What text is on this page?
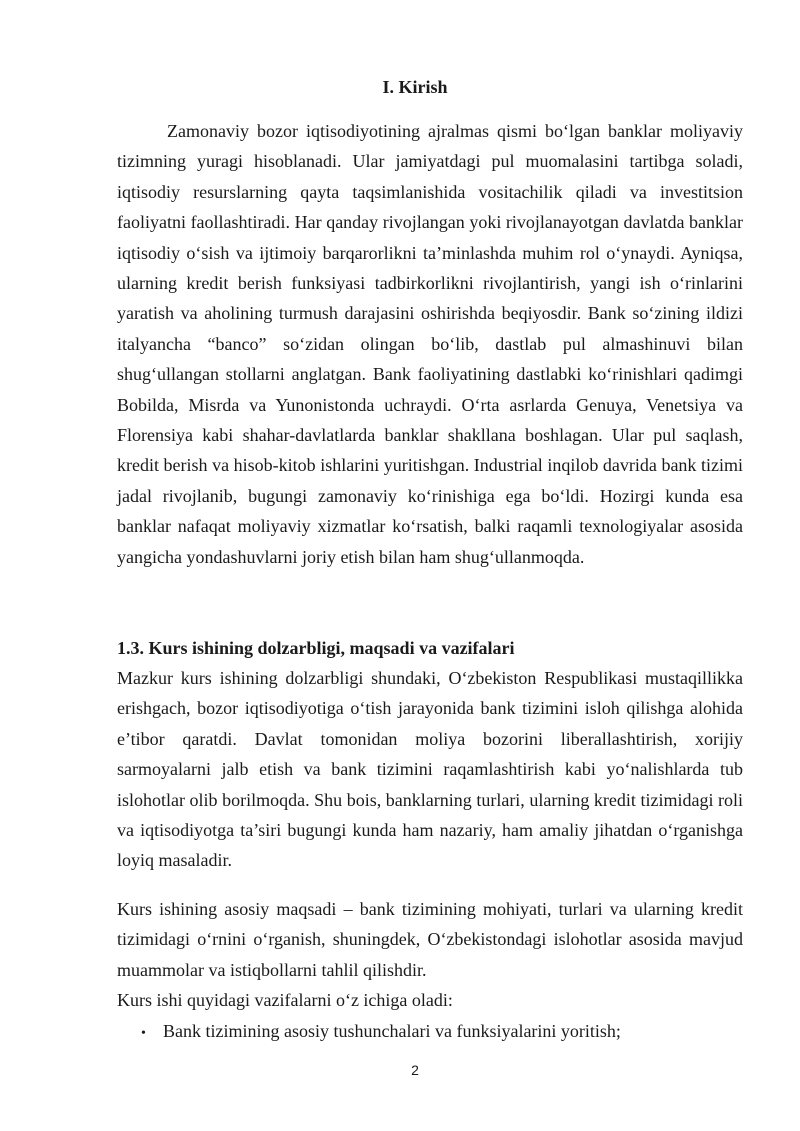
I. Kirish

Zamonaviy bozor iqtisodiyotining ajralmas qismi bo‘lgan banklar moliyaviy tizimning yuragi hisoblanadi. Ular jamiyatdagi pul muomalasini tartibga soladi, iqtisodiy resurslarning qayta taqsimlanishida vositachilik qiladi va investitsion faoliyatni faollashtiradi. Har qanday rivojlangan yoki rivojlanayotgan davlatda banklar iqtisodiy o‘sish va ijtimoiy barqarorlikni ta’minlashda muhim rol o‘ynaydi. Ayniqsa, ularning kredit berish funksiyasi tadbirkorlikni rivojlantirish, yangi ish o‘rinlarini yaratish va aholining turmush darajasini oshirishda beqiyosdir. Bank so‘zining ildizi italyancha “banco” so‘zidan olingan bo‘lib, dastlab pul almashinuvi bilan shug‘ullangan stollarni anglatgan. Bank faoliyatining dastlabki ko‘rinishlari qadimgi Bobilda, Misrda va Yunonistonda uchraydi. O‘rta asrlarda Genuya, Venetsiya va Florensiya kabi shahar-davlatlarda banklar shakllana boshlagan. Ular pul saqlash, kredit berish va hisob-kitob ishlarini yuritishgan. Industrial inqilob davrida bank tizimi jadal rivojlanib, bugungi zamonaviy ko‘rinishiga ega bo‘ldi. Hozirgi kunda esa banklar nafaqat moliyaviy xizmatlar ko‘rsatish, balki raqamli texnologiyalar asosida yangicha yondashuvlarni joriy etish bilan ham shug‘ullanmoqda.

1.3. Kurs ishining dolzarbligi, maqsadi va vazifalari

Mazkur kurs ishining dolzarbligi shundaki, O‘zbekiston Respublikasi mustaqillikka erishgach, bozor iqtisodiyotiga o‘tish jarayonida bank tizimini isloh qilishga alohida e’tibor qaratdi. Davlat tomonidan moliya bozorini liberallashtirish, xorijiy sarmoyalarni jalb etish va bank tizimini raqamlashtirish kabi yo‘nalishlarda tub islohotlar olib borilmoqda. Shu bois, banklarning turlari, ularning kredit tizimidagi roli va iqtisodiyotga ta’siri bugungi kunda ham nazariy, ham amaliy jihatdan o‘rganishga loyiq masaladir.

Kurs ishining asosiy maqsadi – bank tizimining mohiyati, turlari va ularning kredit tizimidagi o‘rnini o‘rganish, shuningdek, O‘zbekistondagi islohotlar asosida mavjud muammolar va istiqbollarni tahlil qilishdir.

Kurs ishi quyidagi vazifalarni o‘z ichiga oladi:

• Bank tizimining asosiy tushunchalari va funksiyalarini yoritish;

2
